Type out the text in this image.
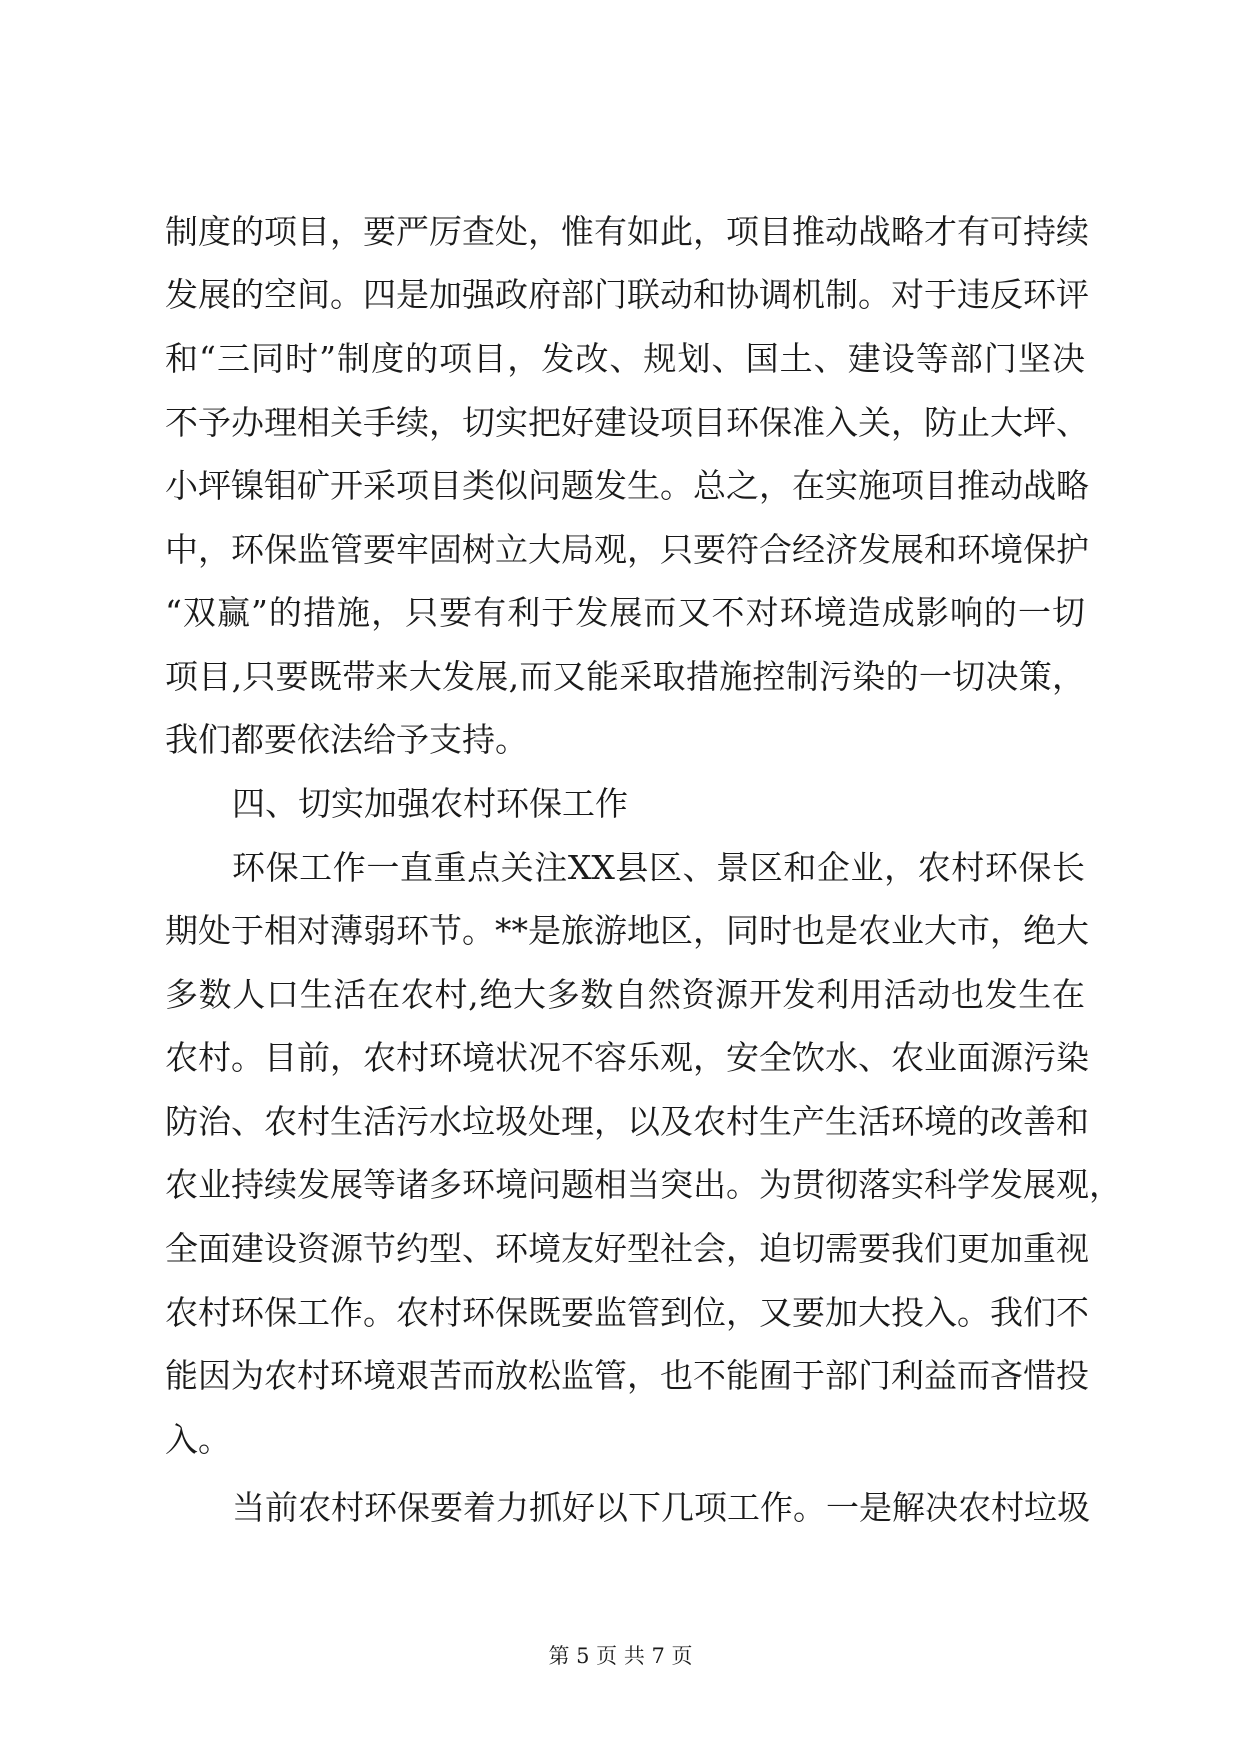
制度的项目，要严厉查处，惟有如此，项目推动战略才有可持续
发展的空间。四是加强政府部门联动和协调机制。对于违反环评
和“三同时”制度的项目，发改、规划、国土、建设等部门坚决
不予办理相关手续，切实把好建设项目环保准入关，防止大坪、
小坪镍钼矿开采项目类似问题发生。总之，在实施项目推动战略
中，环保监管要牢固树立大局观，只要符合经济发展和环境保护
“双赢”的措施，只要有利于发展而又不对环境造成影响的一切
项目,只要既带来大发展,而又能采取措施控制污染的一切决策，
我们都要依法给予支持。
四、切实加强农村环保工作
环保工作一直重点关注XX县区、景区和企业，农村环保长
期处于相对薄弱环节。**是旅游地区，同时也是农业大市，绝大
多数人口生活在农村,绝大多数自然资源开发利用活动也发生在
农村。目前，农村环境状况不容乐观，安全饮水、农业面源污染
防治、农村生活污水垃圾处理，以及农村生产生活环境的改善和
农业持续发展等诸多环境问题相当突出。为贯彻落实科学发展观，
全面建设资源节约型、环境友好型社会，迫切需要我们更加重视
农村环保工作。农村环保既要监管到位，又要加大投入。我们不
能因为农村环境艰苦而放松监管，也不能囿于部门利益而吝惜投
入。
当前农村环保要着力抓好以下几项工作。一是解决农村垃圾
第 5 页 共 7 页
